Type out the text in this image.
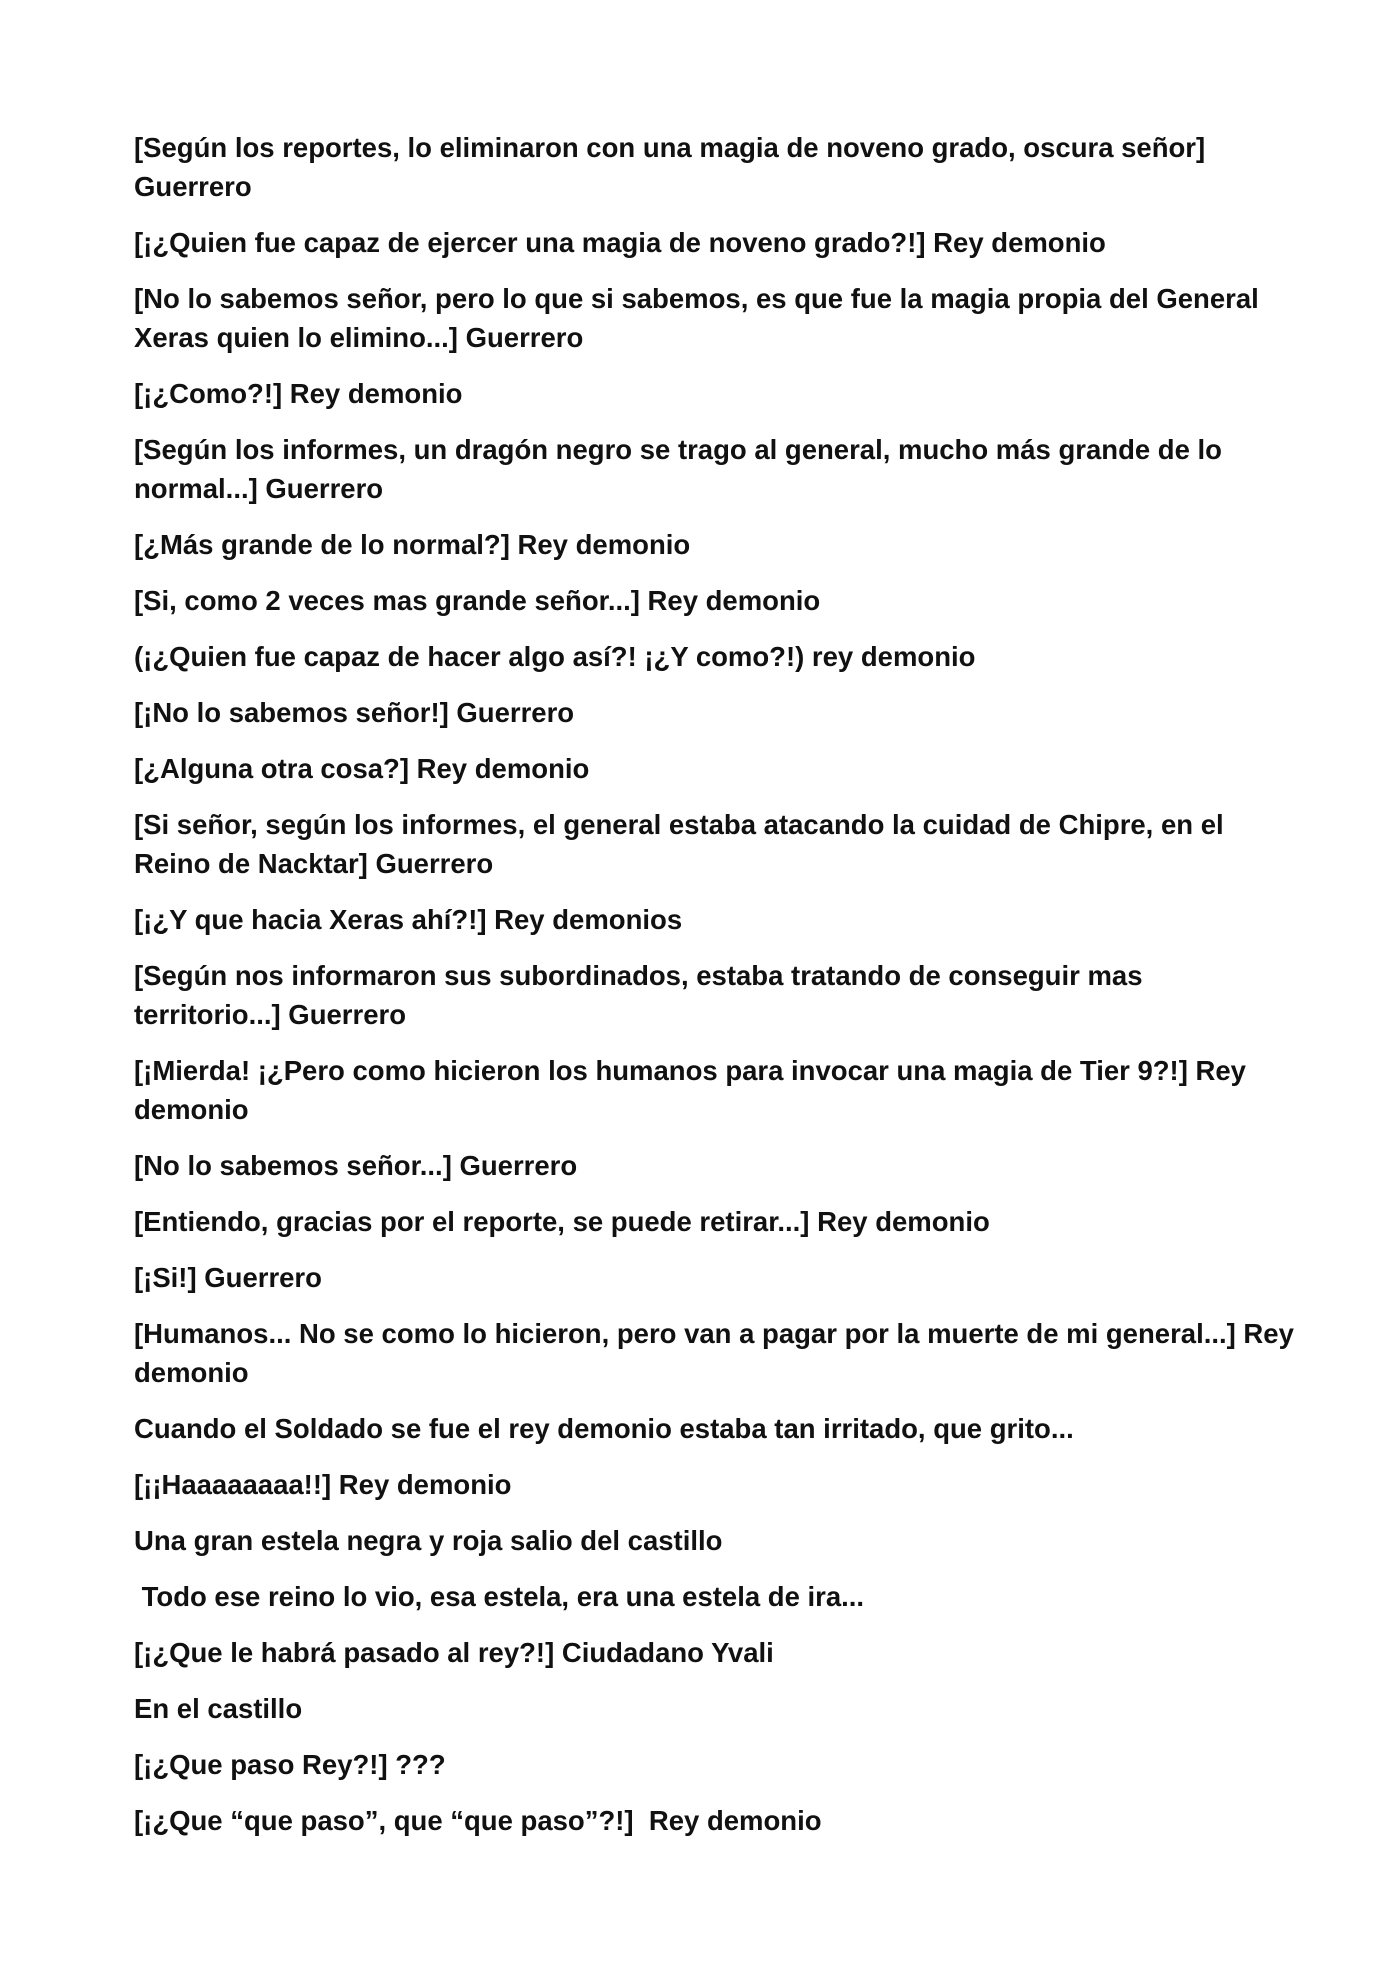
[Según los reportes, lo eliminaron con una magia de noveno grado, oscura señor] Guerrero

[¡¿Quien fue capaz de ejercer una magia de noveno grado?!] Rey demonio

[No lo sabemos señor, pero lo que si sabemos, es que fue la magia propia del General Xeras quien lo elimino...] Guerrero

[¡¿Como?!] Rey demonio

[Según los informes, un dragón negro se trago al general, mucho más grande de lo normal...] Guerrero

[¿Más grande de lo normal?] Rey demonio

[Si, como 2 veces mas grande señor...] Rey demonio

(¡¿Quien fue capaz de hacer algo así?! ¡¿Y como?!) rey demonio

[¡No lo sabemos señor!] Guerrero

[¿Alguna otra cosa?] Rey demonio

[Si señor, según los informes, el general estaba atacando la cuidad de Chipre, en el Reino de Nacktar] Guerrero

[¡¿Y que hacia Xeras ahí?!] Rey demonios

[Según nos informaron sus subordinados, estaba tratando de conseguir mas territorio...] Guerrero

[¡Mierda! ¡¿Pero como hicieron los humanos para invocar una magia de Tier 9?!] Rey demonio

[No lo sabemos señor...] Guerrero

[Entiendo, gracias por el reporte, se puede retirar...] Rey demonio

[¡Si!] Guerrero

[Humanos... No se como lo hicieron, pero van a pagar por la muerte de mi general...] Rey demonio

Cuando el Soldado se fue el rey demonio estaba tan irritado, que grito...

[¡¡Haaaaaaaa!!] Rey demonio

Una gran estela negra y roja salio del castillo

Todo ese reino lo vio, esa estela, era una estela de ira...

[¡¿Que le habrá pasado al rey?!] Ciudadano Yvali

En el castillo

[¡¿Que paso Rey?!] ???

[¡¿Que “que paso”, que “que paso”?!]  Rey demonio
